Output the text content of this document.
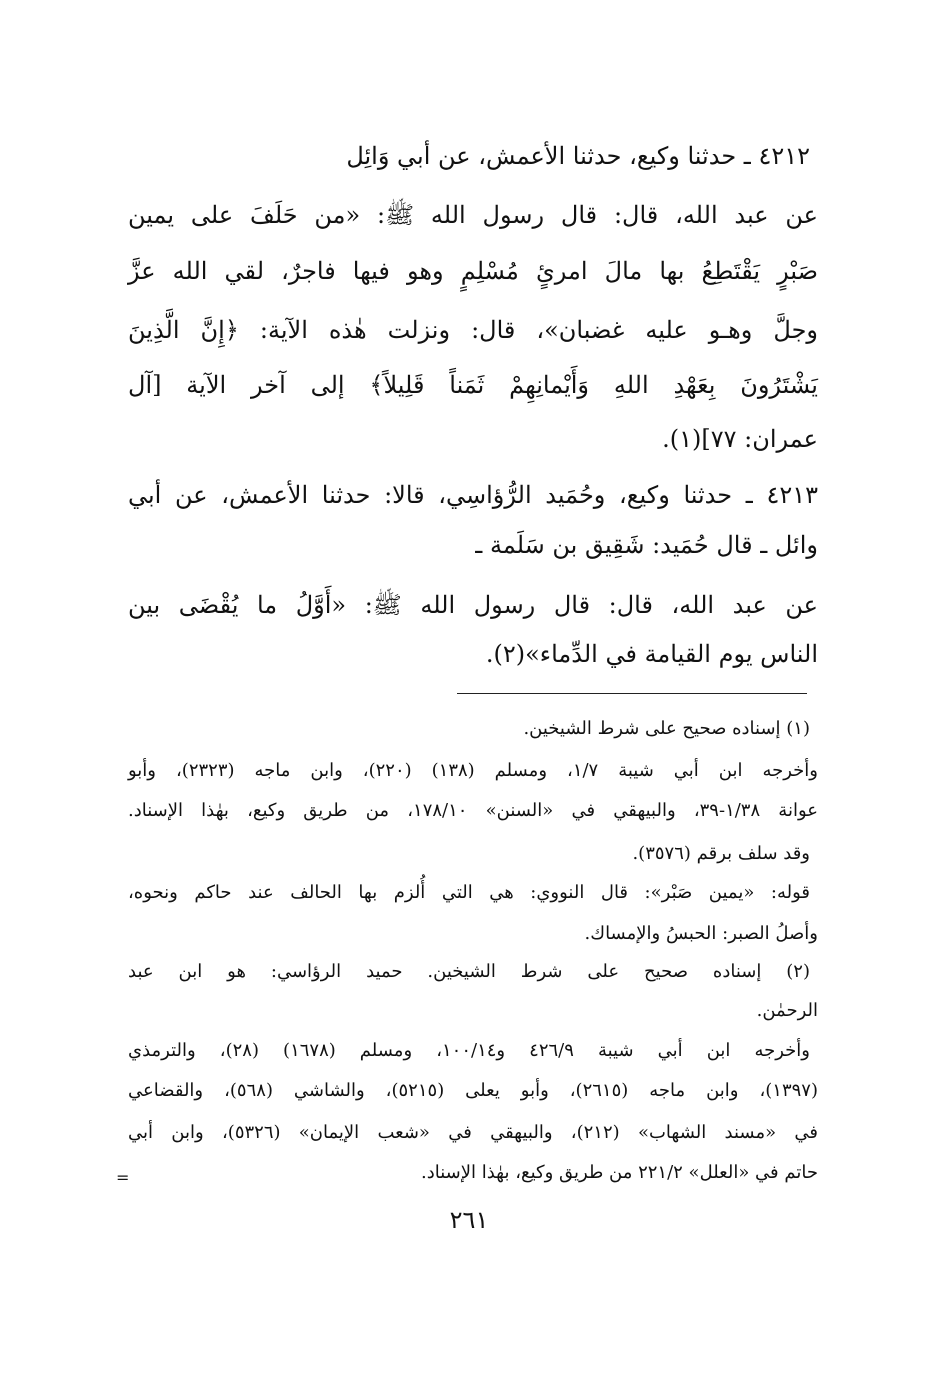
٤٢١٢ ـ حدثنا وكيع، حدثنا الأعمش، عن أبي وَائِل
عن عبد الله، قال: قال رسول الله ﷺ: «من حَلَفَ على يمين
صَبْرٍ يَقْتَطِعُ بها مالَ امرئٍ مُسْلِمٍ وهو فيها فاجرٌ، لقي الله عزَّ
وجلَّ وهـو عليه غضبان»، قال: ونزلت هٰذه الآية: ﴿إِنَّ الَّذِينَ
يَشْتَرُونَ بِعَهْدِ اللهِ وَأَيْمانِهِمْ ثَمَناً قَلِيلاً﴾ إلى آخر الآية [آل
عمران: ٧٧](١).
٤٢١٣ ـ حدثنا وكيع، وحُمَيد الرُّؤاسِي، قالا: حدثنا الأعمش، عن أبي
وائل ـ قال حُمَيد: شَقِيق بن سَلَمة ـ
عن عبد الله، قال: قال رسول الله ﷺ: «أَوَّلُ ما يُقْضَى بين
الناس يوم القيامة في الدِّماء»(٢).
(١) إسناده صحيح على شرط الشيخين.
وأخرجه ابن أبي شيبة ١/٧، ومسلم (١٣٨) (٢٢٠)، وابن ماجه (٢٣٢٣)، وأبو
عوانة ١/٣٨-٣٩، والبيهقي في «السنن» ١٧٨/١٠، من طريق وكيع، بهٰذا الإسناد.
وقد سلف برقم (٣٥٧٦).
قوله: «يمين صَبْر»: قال النووي: هي التي أُلزم بها الحالف عند حاكم ونحوه،
وأصلُ الصبر: الحبسُ والإمساك.
(٢) إسناده صحيح على شرط الشيخين. حميد الرؤاسي: هو ابن عبد
الرحمٰن.
وأخرجه ابن أبي شيبة ٤٢٦/٩ و١٠٠/١٤، ومسلم (١٦٧٨) (٢٨)، والترمذي
(١٣٩٧)، وابن ماجه (٢٦١٥)، وأبو يعلى (٥٢١٥)، والشاشي (٥٦٨)، والقضاعي
في «مسند الشهاب» (٢١٢)، والبيهقي في «شعب الإيمان» (٥٣٢٦)، وابن أبي
حاتم في «العلل» ٢٢١/٢ من طريق وكيع، بهٰذا الإسناد.
=
٢٦١
